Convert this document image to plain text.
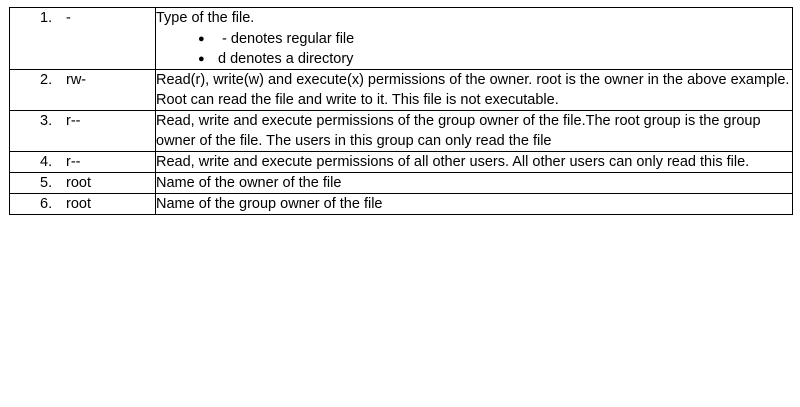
1. -	Type of the file.
●  - denotes regular file
● d denotes a directory

2. rw-	Read(r), write(w) and execute(x) permissions of the owner. root is the owner in the above example. Root can read the file and write to it. This file is not executable.

3. r--	Read, write and execute permissions of the group owner of the file.The root group is the group owner of the file. The users in this group can only read the file

4. r--	Read, write and execute permissions of all other users. All other users can only read this file.

5. root	Name of the owner of the file

6. root	Name of the group owner of the file
